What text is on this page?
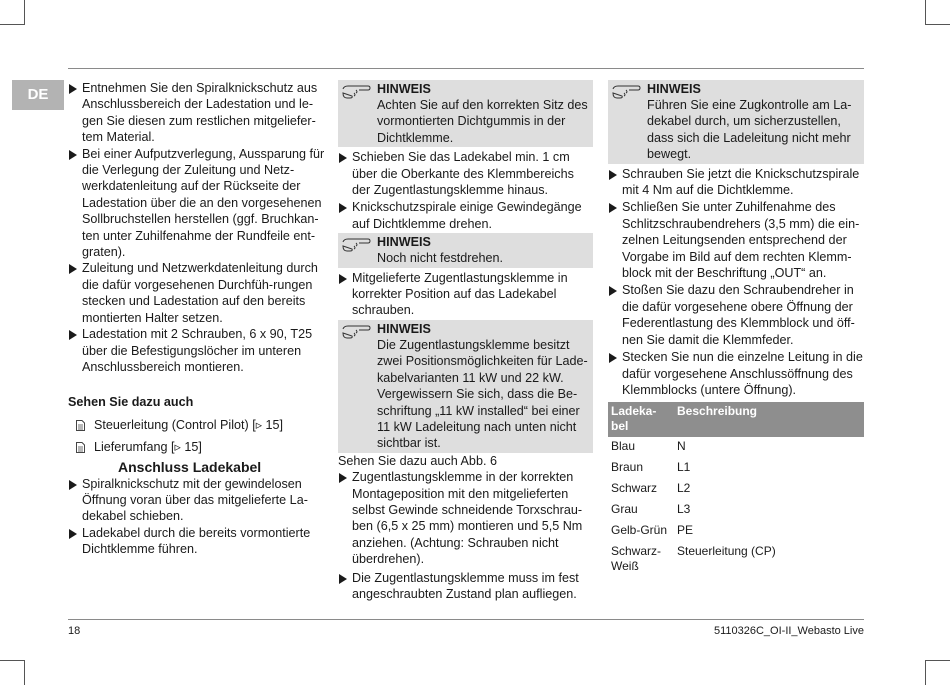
DE	Entnehmen Sie den Spiralknickschutz aus Anschlussbereich der Ladestation und le-gen Sie diesen zum restlichen mitgeliefer-tem Material.
Bei einer Aufputzverlegung, Aussparung für die Verlegung der Zuleitung und Netz-werkdatenleitung auf der Rückseite der Ladestation über die an den vorgesehenen Sollbruchstellen herstellen (ggf. Bruchkan-ten unter Zuhilfenahme der Rundfeile ent-graten).
Zuleitung und Netzwerkdatenleitung durch die dafür vorgesehenen Durchfüh-rungen stecken und Ladestation auf den bereits montierten Halter setzen.
Ladestation mit 2 Schrauben, 6 x 90, T25 über die Befestigungslöcher im unteren Anschlussbereich montieren.
Sehen Sie dazu auch
Steuerleitung (Control Pilot) [▹ 15]
Lieferumfang [▹ 15]
Anschluss Ladekabel
Spiralknickschutz mit der gewindelosen Öffnung voran über das mitgelieferte La-dekabel schieben.
Ladekabel durch die bereits vormontierte Dichtklemme führen.
HINWEIS
Achten Sie auf den korrekten Sitz des vormontierten Dichtgummis in der Dichtklemme.
Schieben Sie das Ladekabel min. 1 cm über die Oberkante des Klemmbereichs der Zugentlastungsklemme hinaus.
Knickschutzspirale einige Gewindegänge auf Dichtklemme drehen.
HINWEIS
Noch nicht festdrehen.
Mitgelieferte Zugentlastungsklemme in korrekter Position auf das Ladekabel schrauben.
HINWEIS
Die Zugentlastungsklemme besitzt zwei Positionsmöglichkeiten für Lade-kabelvarianten 11 kW und 22 kW. Vergewissern Sie sich, dass die Be-schriftung „11 kW installed“ bei einer 11 kW Ladeleitung nach unten nicht sichtbar ist.
Sehen Sie dazu auch Abb. 6
Zugentlastungsklemme in der korrekten Montageposition mit den mitgelieferten selbst Gewinde schneidende Torxschrau-ben (6,5 x 25 mm) montieren und 5,5 Nm anziehen. (Achtung: Schrauben nicht überdrehen).
Die Zugentlastungsklemme muss im fest angeschraubten Zustand plan aufliegen.
HINWEIS
Führen Sie eine Zugkontrolle am La-dekabel durch, um sicherzustellen, dass sich die Ladeleitung nicht mehr bewegt.
Schrauben Sie jetzt die Knickschutzspirale mit 4 Nm auf die Dichtklemme.
Schließen Sie unter Zuhilfenahme des Schlitzschraubendrehers (3,5 mm) die ein-zelnen Leitungsenden entsprechend der Vorgabe im Bild auf dem rechten Klemm-block mit der Beschriftung „OUT“ an.
Stoßen Sie dazu den Schraubendreher in die dafür vorgesehene obere Öffnung der Federentlastung des Klemmblock und öff-nen Sie damit die Klemmfeder.
Stecken Sie nun die einzelne Leitung in die dafür vorgesehene Anschlussöffnung des Klemmblocks (untere Öffnung).
Ladeka-bel	Beschreibung
Blau	N
Braun	L1
Schwarz	L2
Grau	L3
Gelb-Grün	PE
Schwarz-Weiß	Steuerleitung (CP)
18	5110326C_OI-II_Webasto Live
